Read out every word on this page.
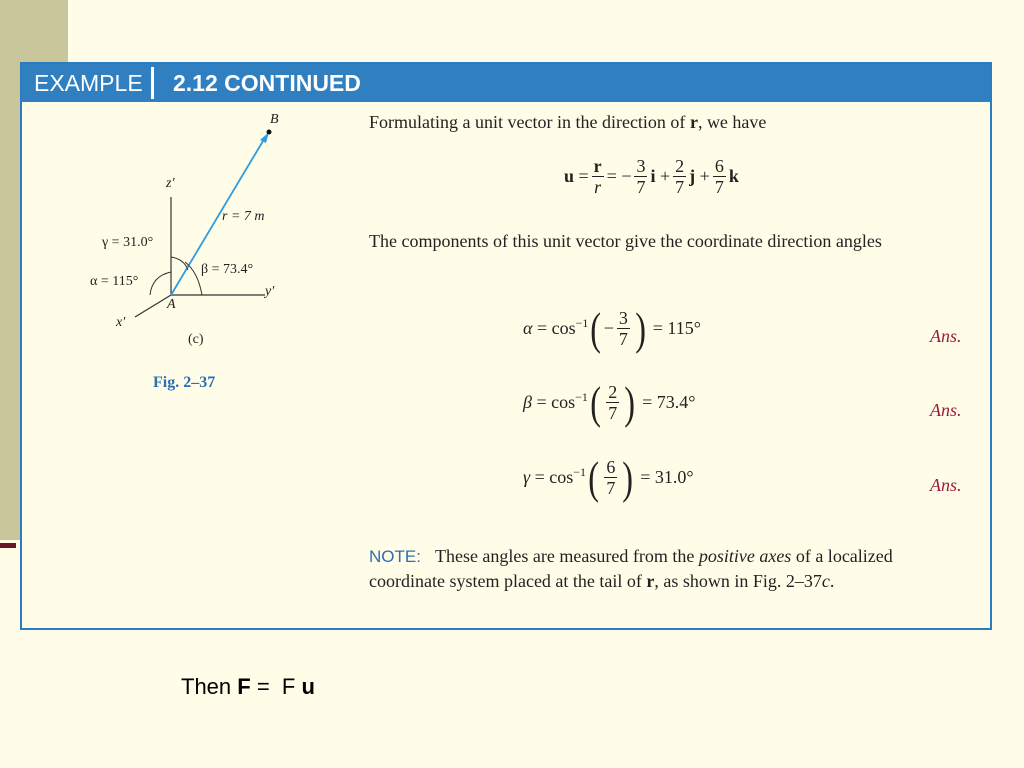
EXAMPLE	2.12 CONTINUED
B
z′
r = 7 m
γ = 31.0°
β = 73.4°
α = 115°
y′
A
x′
(c)
Fig. 2–37
Formulating a unit vector in the direction of r, we have
u
= $\frac{r}{r}$ =
− $\frac{3}{7}$ i
+ $\frac{2}{7}$ j
+ $\frac{6}{7}$ k
The components of this unit vector give the coordinate direction angles
α
=
$\cos^{-1}$ ( − $\frac{3}{7}$ )
=
115°	Ans.
β
=
$\cos^{-1}$ ( $\frac{2}{7}$ )
=
73.4°	Ans.
γ
=
$\cos^{-1}$ ( $\frac{6}{7}$ )
=
31.0°	Ans.
NOTE: These angles are measured from the positive axes of a localized coordinate system placed at the tail of r, as shown in Fig. 2–37c.
Then F =  F u
